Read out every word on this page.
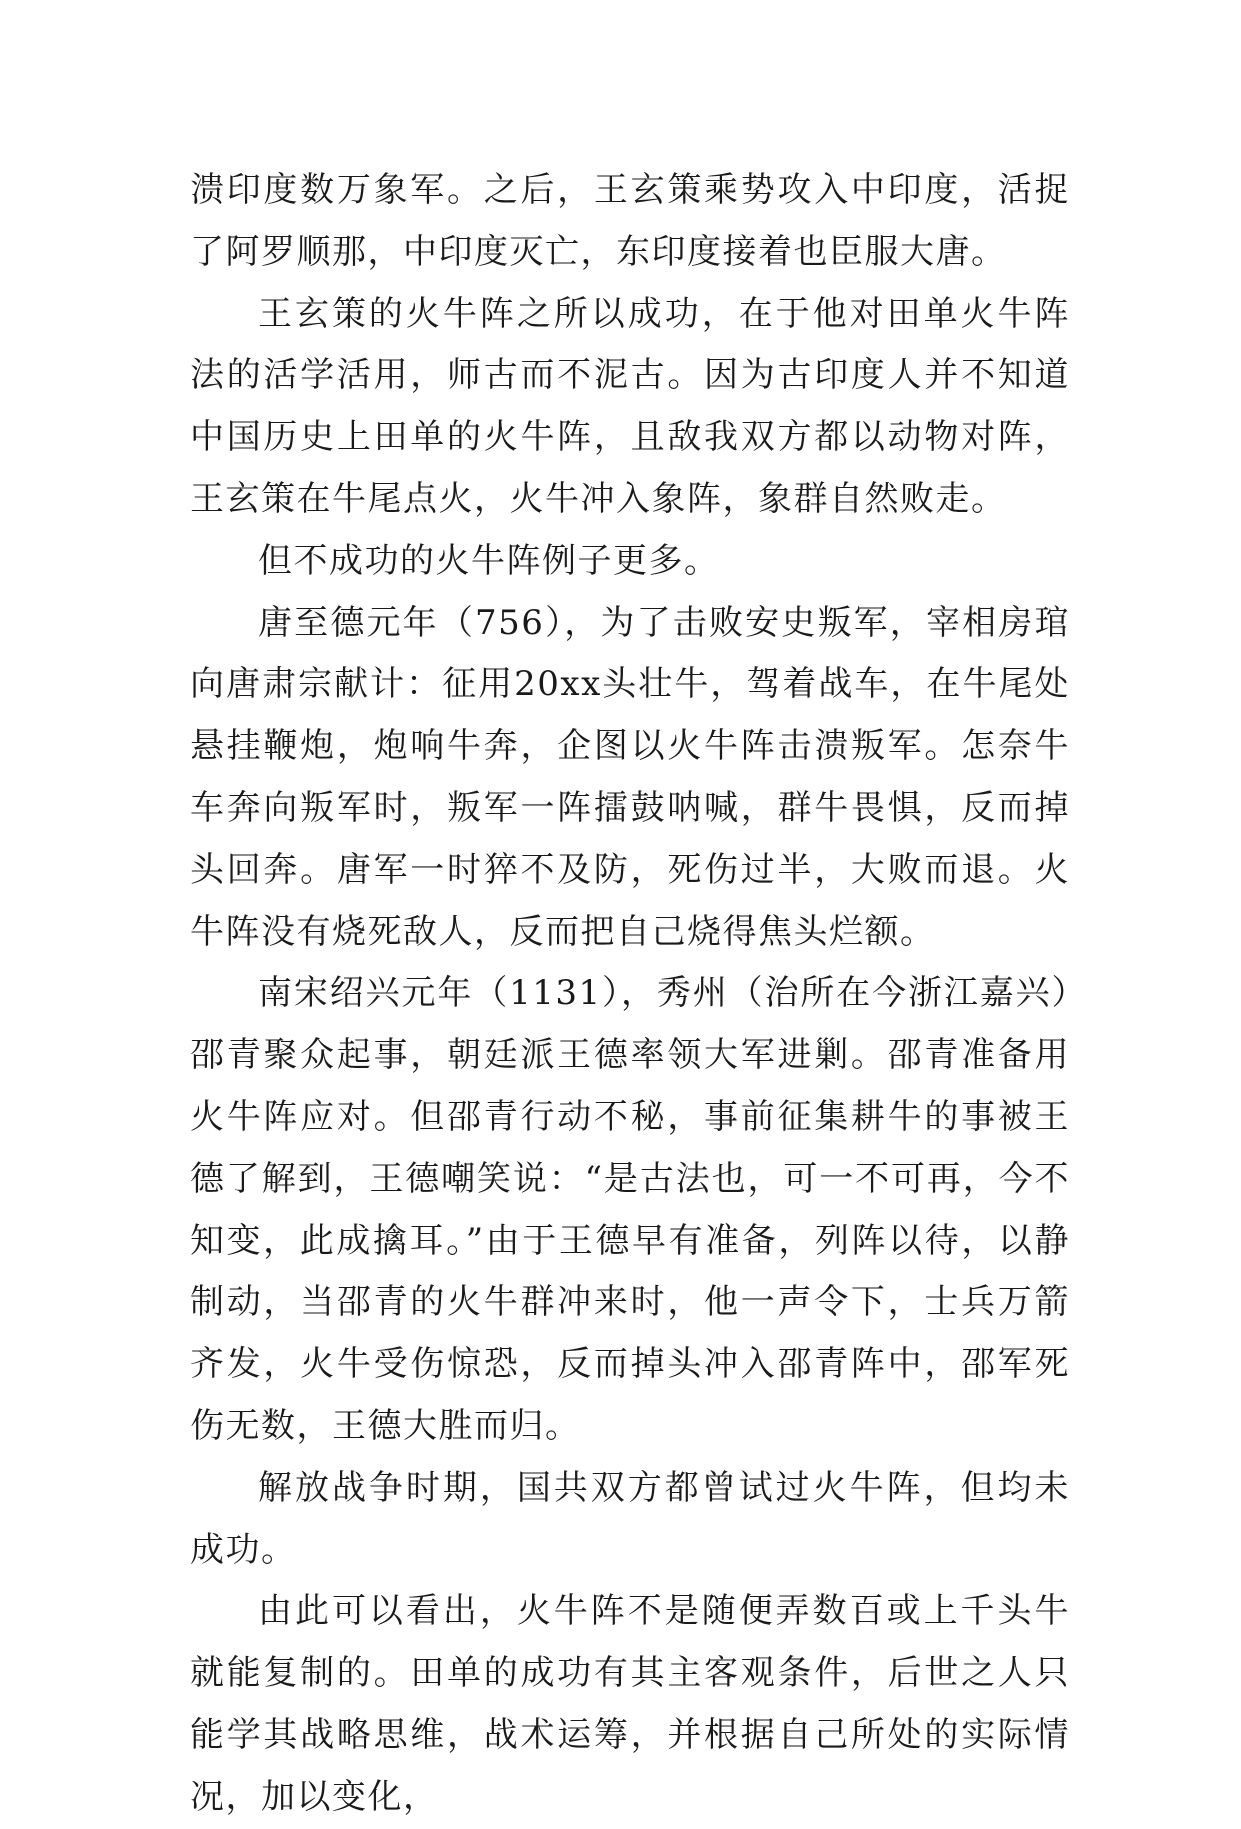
溃印度数万象军。之后，王玄策乘势攻入中印度，活捉了阿罗顺那，中印度灭亡，东印度接着也臣服大唐。

王玄策的火牛阵之所以成功，在于他对田单火牛阵法的活学活用，师古而不泥古。因为古印度人并不知道中国历史上田单的火牛阵，且敌我双方都以动物对阵，王玄策在牛尾点火，火牛冲入象阵，象群自然败走。

但不成功的火牛阵例子更多。

唐至德元年（756），为了击败安史叛军，宰相房琯向唐肃宗献计：征用20xx头壮牛，驾着战车，在牛尾处悬挂鞭炮，炮响牛奔，企图以火牛阵击溃叛军。怎奈牛车奔向叛军时，叛军一阵擂鼓呐喊，群牛畏惧，反而掉头回奔。唐军一时猝不及防，死伤过半，大败而退。火牛阵没有烧死敌人，反而把自己烧得焦头烂额。

南宋绍兴元年（1131），秀州（治所在今浙江嘉兴）邵青聚众起事，朝廷派王德率领大军进剿。邵青准备用火牛阵应对。但邵青行动不秘，事前征集耕牛的事被王德了解到，王德嘲笑说：“是古法也，可一不可再，今不知变，此成擒耳。”由于王德早有准备，列阵以待，以静制动，当邵青的火牛群冲来时，他一声令下，士兵万箭齐发，火牛受伤惊恐，反而掉头冲入邵青阵中，邵军死伤无数，王德大胜而归。

解放战争时期，国共双方都曾试过火牛阵，但均未成功。

由此可以看出，火牛阵不是随便弄数百或上千头牛就能复制的。田单的成功有其主客观条件，后世之人只能学其战略思维，战术运筹，并根据自己所处的实际情况，加以变化，
